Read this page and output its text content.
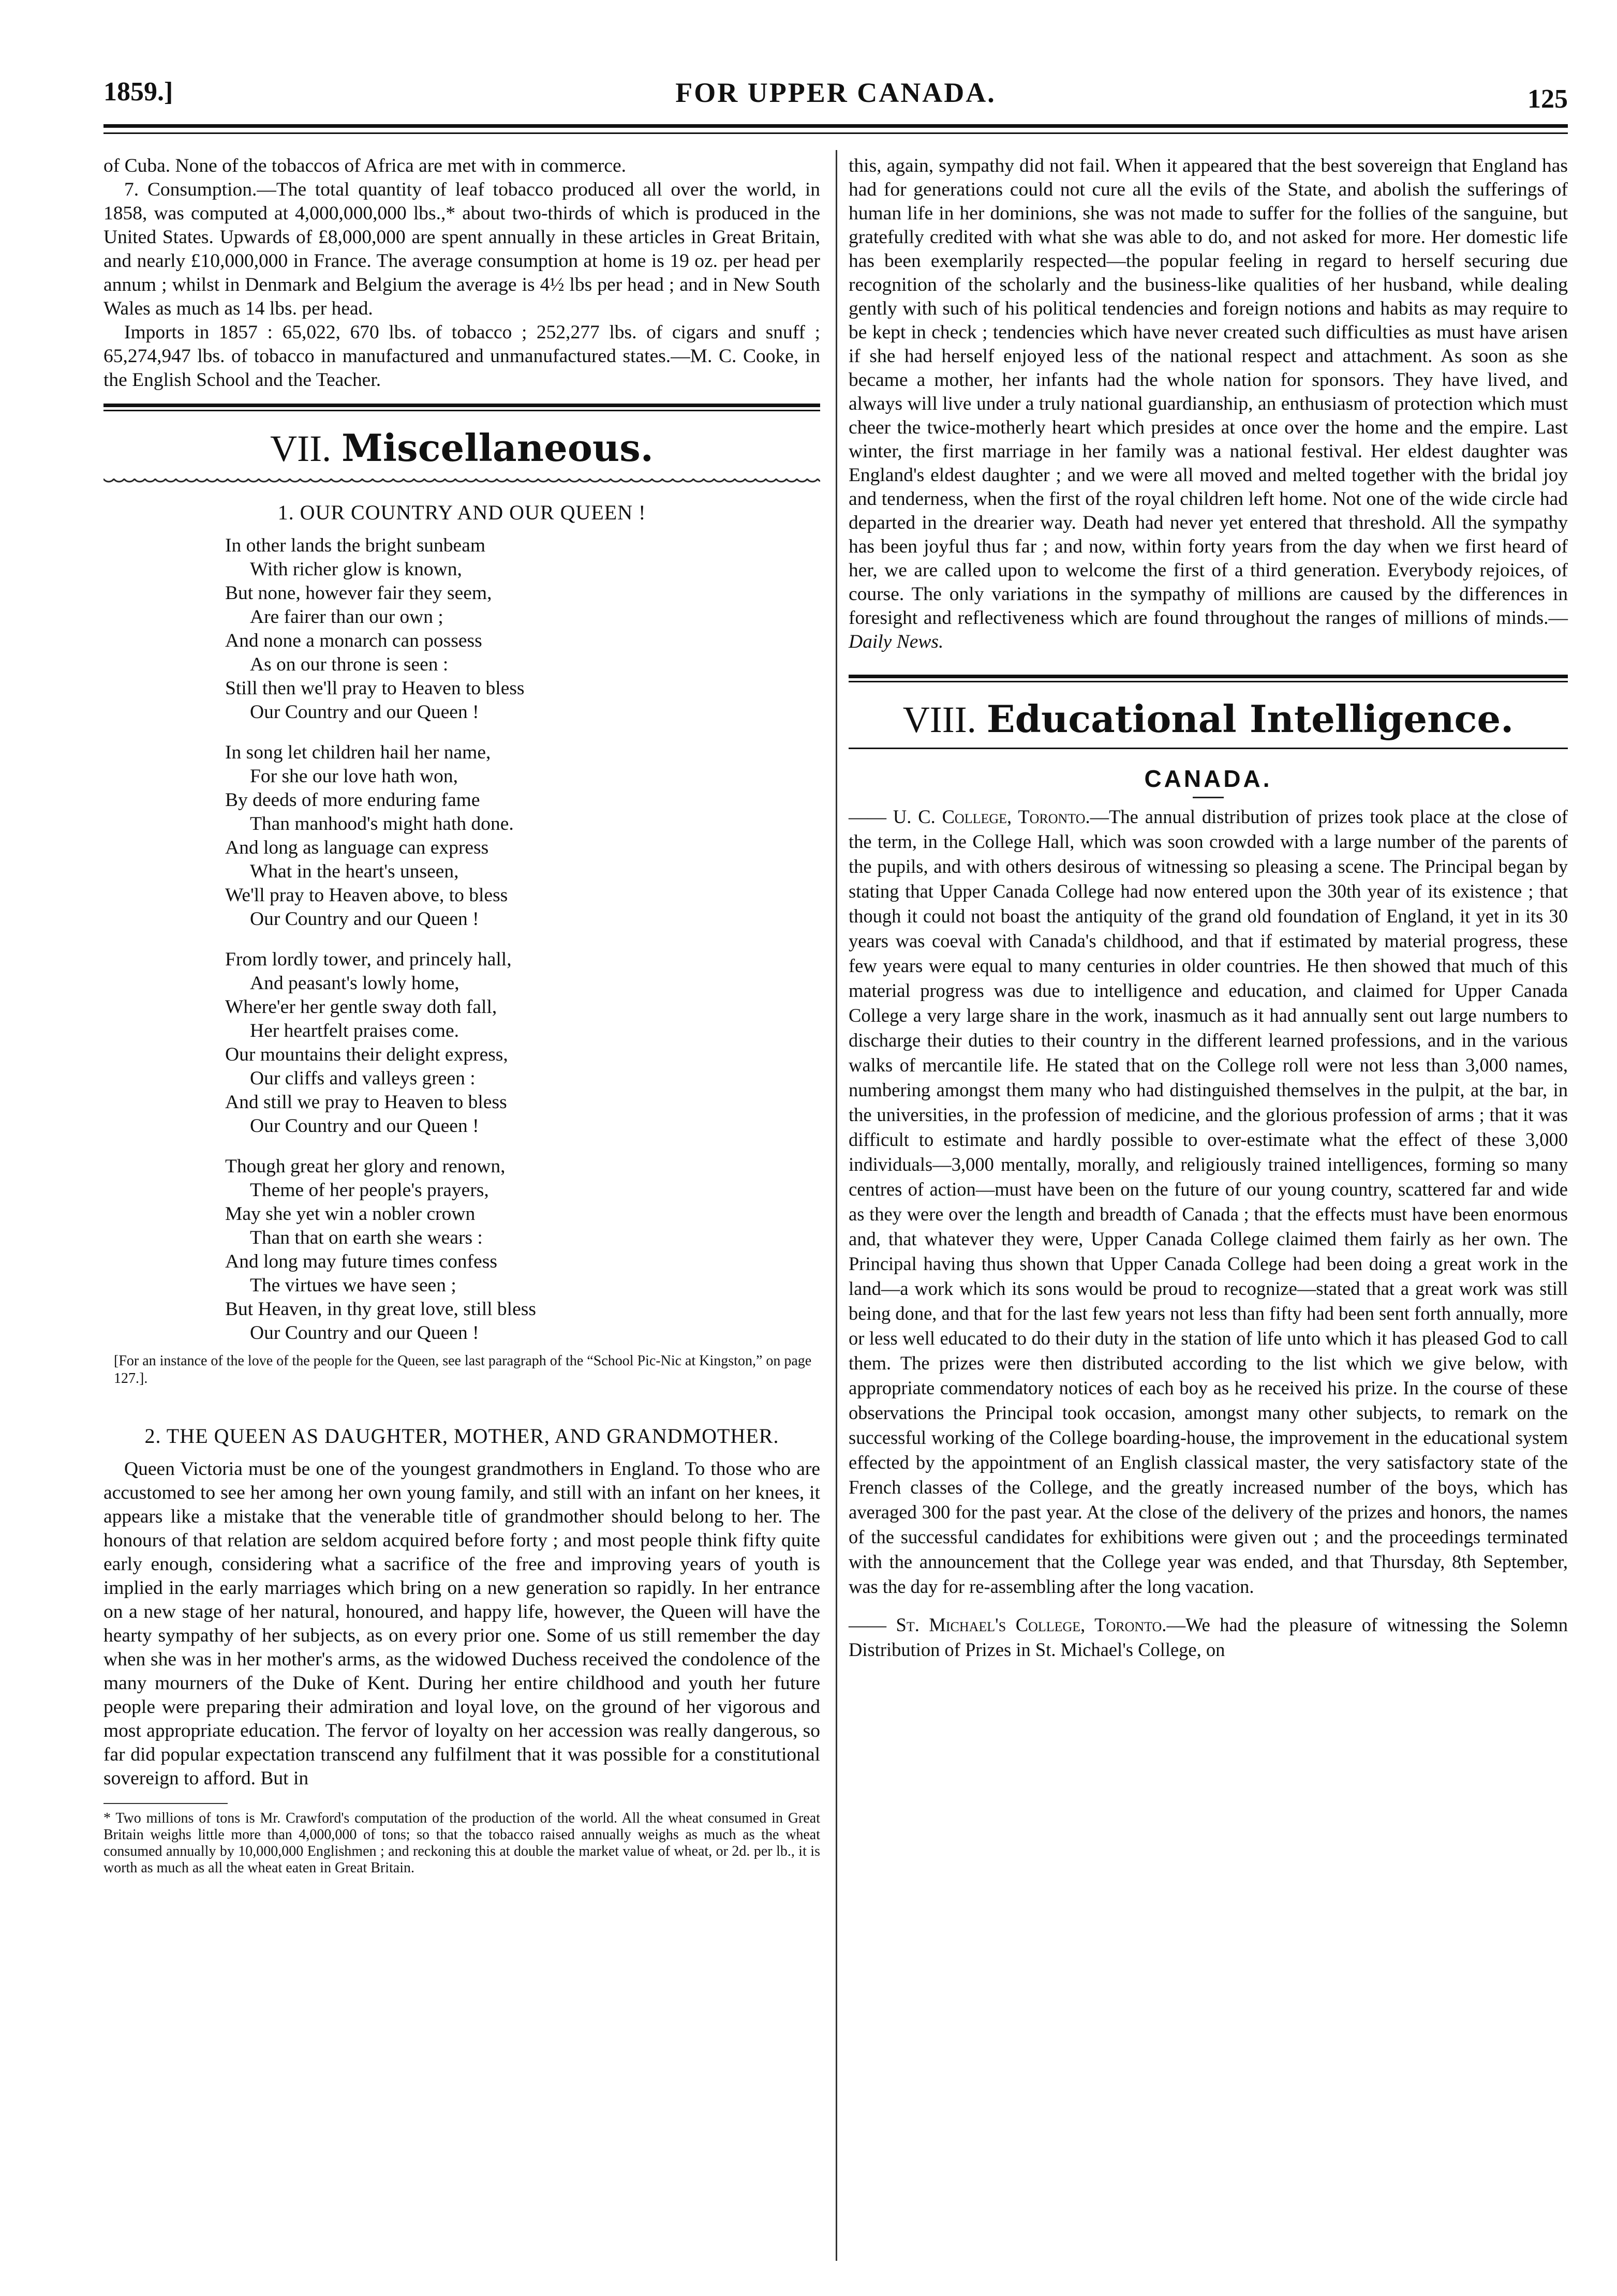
1859.]	FOR UPPER CANADA.	125

of Cuba. None of the tobaccos of Africa are met with in commerce.

7. Consumption.—The total quantity of leaf tobacco produced all over the world, in 1858, was computed at 4,000,000,000 lbs.,* about two-thirds of which is produced in the United States. Upwards of £8,000,000 are spent annually in these articles in Great Britain, and nearly £10,000,000 in France. The average consumption at home is 19 oz. per head per annum ; whilst in Denmark and Belgium the average is 4½ lbs per head ; and in New South Wales as much as 14 lbs. per head.

Imports in 1857 : 65,022, 670 lbs. of tobacco ; 252,277 lbs. of cigars and snuff ; 65,274,947 lbs. of tobacco in manufactured and unmanufactured states.—M. C. Cooke, in the English School and the Teacher.

VII. Miscellaneous.
1. OUR COUNTRY AND OUR QUEEN !
In other lands the bright sunbeam
With richer glow is known,
But none, however fair they seem,
Are fairer than our own ;
And none a monarch can possess
As on our throne is seen :
Still then we'll pray to Heaven to bless
Our Country and our Queen !
In song let children hail her name,
For she our love hath won,
By deeds of more enduring fame
Than manhood's might hath done.
And long as language can express
What in the heart's unseen,
We'll pray to Heaven above, to bless
Our Country and our Queen !
From lordly tower, and princely hall,
And peasant's lowly home,
Where'er her gentle sway doth fall,
Her heartfelt praises come.
Our mountains their delight express,
Our cliffs and valleys green :
And still we pray to Heaven to bless
Our Country and our Queen !
Though great her glory and renown,
Theme of her people's prayers,
May she yet win a nobler crown
Than that on earth she wears :
And long may future times confess
The virtues we have seen ;
But Heaven, in thy great love, still bless
Our Country and our Queen !

[For an instance of the love of the people for the Queen, see last paragraph of the “School Pic-Nic at Kingston,” on page 127.].

2. THE QUEEN AS DAUGHTER, MOTHER, AND GRANDMOTHER.

Queen Victoria must be one of the youngest grandmothers in England. To those who are accustomed to see her among her own young family, and still with an infant on her knees, it appears like a mistake that the venerable title of grandmother should belong to her. The honours of that relation are seldom acquired before forty ; and most people think fifty quite early enough, considering what a sacrifice of the free and improving years of youth is implied in the early marriages which bring on a new generation so rapidly. In her entrance on a new stage of her natural, honoured, and happy life, however, the Queen will have the hearty sympathy of her subjects, as on every prior one. Some of us still remember the day when she was in her mother's arms, as the widowed Duchess received the condolence of the many mourners of the Duke of Kent. During her entire childhood and youth her future people were preparing their admiration and loyal love, on the ground of her vigorous and most appropriate education. The fervor of loyalty on her accession was really dangerous, so far did popular expectation transcend any fulfilment that it was possible for a constitutional sovereign to afford. But in

* Two millions of tons is Mr. Crawford's computation of the production of the world. All the wheat consumed in Great Britain weighs little more than 4,000,000 of tons; so that the tobacco raised annually weighs as much as the wheat consumed annually by 10,000,000 Englishmen ; and reckoning this at double the market value of wheat, or 2d. per lb., it is worth as much as all the wheat eaten in Great Britain.

this, again, sympathy did not fail. When it appeared that the best sovereign that England has had for generations could not cure all the evils of the State, and abolish the sufferings of human life in her dominions, she was not made to suffer for the follies of the sanguine, but gratefully credited with what she was able to do, and not asked for more. Her domestic life has been exemplarily respected—the popular feeling in regard to herself securing due recognition of the scholarly and the business-like qualities of her husband, while dealing gently with such of his political tendencies and foreign notions and habits as may require to be kept in check ; tendencies which have never created such difficulties as must have arisen if she had herself enjoyed less of the national respect and attachment. As soon as she became a mother, her infants had the whole nation for sponsors. They have lived, and always will live under a truly national guardianship, an enthusiasm of protection which must cheer the twice-motherly heart which presides at once over the home and the empire. Last winter, the first marriage in her family was a national festival. Her eldest daughter was England's eldest daughter ; and we were all moved and melted together with the bridal joy and tenderness, when the first of the royal children left home. Not one of the wide circle had departed in the drearier way. Death had never yet entered that threshold. All the sympathy has been joyful thus far ; and now, within forty years from the day when we first heard of her, we are called upon to welcome the first of a third generation. Everybody rejoices, of course. The only variations in the sympathy of millions are caused by the differences in foresight and reflectiveness which are found throughout the ranges of millions of minds.— Daily News.

VIII. Educational Intelligence.
CANADA.

—— U. C. College, Toronto.—The annual distribution of prizes took place at the close of the term, in the College Hall, which was soon crowded with a large number of the parents of the pupils, and with others desirous of witnessing so pleasing a scene. The Principal began by stating that Upper Canada College had now entered upon the 30th year of its existence ; that though it could not boast the antiquity of the grand old foundation of England, it yet in its 30 years was coeval with Canada's childhood, and that if estimated by material progress, these few years were equal to many centuries in older countries. He then showed that much of this material progress was due to intelligence and education, and claimed for Upper Canada College a very large share in the work, inasmuch as it had annually sent out large numbers to discharge their duties to their country in the different learned professions, and in the various walks of mercantile life. He stated that on the College roll were not less than 3,000 names, numbering amongst them many who had distinguished themselves in the pulpit, at the bar, in the universities, in the profession of medicine, and the glorious profession of arms ; that it was difficult to estimate and hardly possible to over-estimate what the effect of these 3,000 individuals—3,000 mentally, morally, and religiously trained intelligences, forming so many centres of action—must have been on the future of our young country, scattered far and wide as they were over the length and breadth of Canada ; that the effects must have been enormous and, that whatever they were, Upper Canada College claimed them fairly as her own. The Principal having thus shown that Upper Canada College had been doing a great work in the land—a work which its sons would be proud to recognize—stated that a great work was still being done, and that for the last few years not less than fifty had been sent forth annually, more or less well educated to do their duty in the station of life unto which it has pleased God to call them. The prizes were then distributed according to the list which we give below, with appropriate commendatory notices of each boy as he received his prize. In the course of these observations the Principal took occasion, amongst many other subjects, to remark on the successful working of the College boarding-house, the improvement in the educational system effected by the appointment of an English classical master, the very satisfactory state of the French classes of the College, and the greatly increased number of the boys, which has averaged 300 for the past year. At the close of the delivery of the prizes and honors, the names of the successful candidates for exhibitions were given out ; and the proceedings terminated with the announcement that the College year was ended, and that Thursday, 8th September, was the day for re-assembling after the long vacation.

—— St. Michael's College, Toronto.—We had the pleasure of witnessing the Solemn Distribution of Prizes in St. Michael's College, on
